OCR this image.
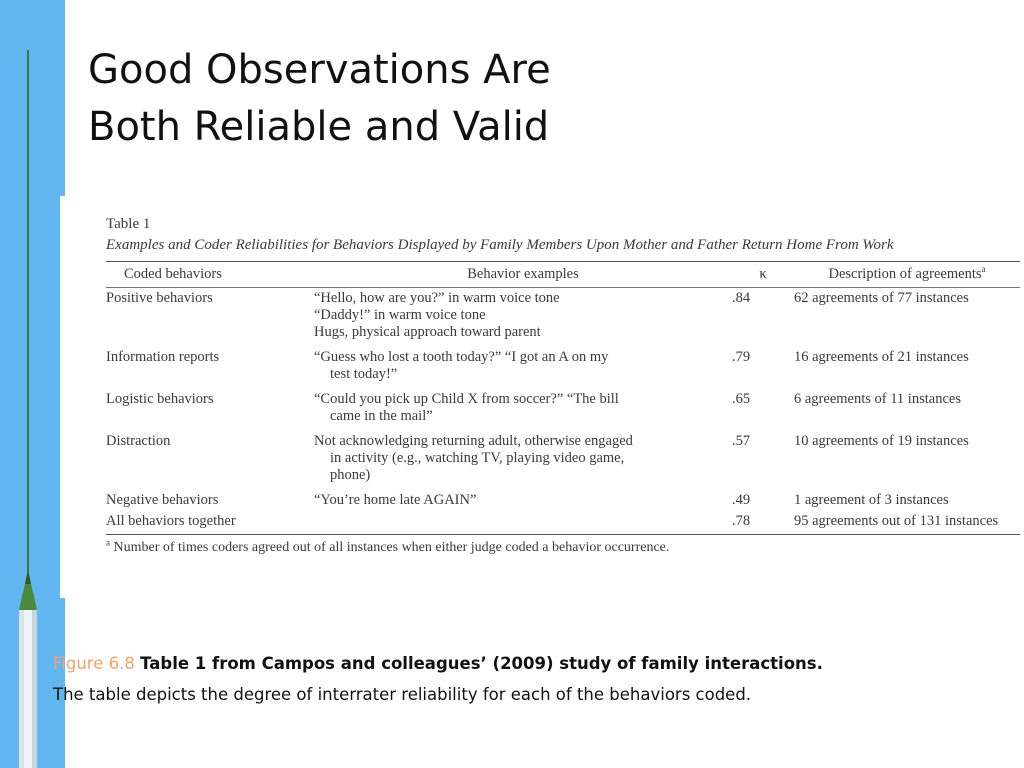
Good Observations Are
Both Reliable and Valid
Table 1
Examples and Coder Reliabilities for Behaviors Displayed by Family Members Upon Mother and Father Return Home From Work
Coded behaviors	Behavior examples	κ	Description of agreements$^a$
Positive behaviors	“Hello, how are you?” in warm voice tone
“Daddy!” in warm voice tone
Hugs, physical approach toward parent	.84	62 agreements of 77 instances
Information reports	“Guess who lost a tooth today?” “I got an A on my
test today!”	.79	16 agreements of 21 instances
Logistic behaviors	“Could you pick up Child X from soccer?” “The bill
came in the mail”	.65	6 agreements of 11 instances
Distraction	Not acknowledging returning adult, otherwise engaged
in activity (e.g., watching TV, playing video game,
phone)	.57	10 agreements of 19 instances
Negative behaviors	“You’re home late AGAIN”	.49	1 agreement of 3 instances
All behaviors together		.78	95 agreements out of 131 instances
$^a$ Number of times coders agreed out of all instances when either judge coded a behavior occurrence.

Figure 6.8 Table 1 from Campos and colleagues’ (2009) study of family interactions.
The table depicts the degree of interrater reliability for each of the behaviors coded.
